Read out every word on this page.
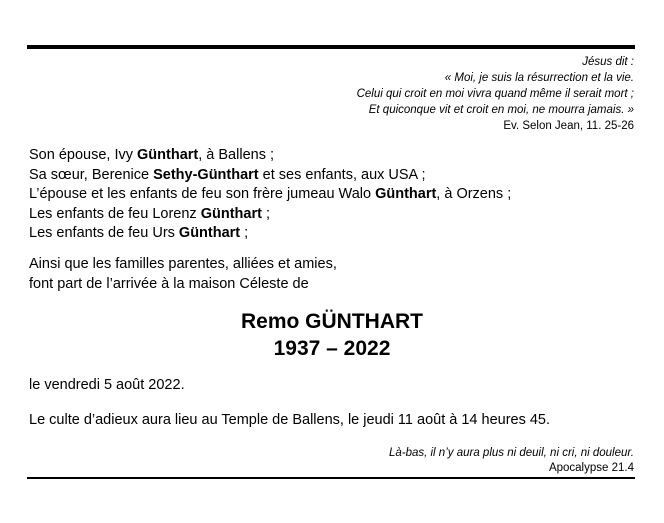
Jésus dit :
« Moi, je suis la résurrection et la vie.
Celui qui croit en moi vivra quand même il serait mort ;
Et quiconque vit et croit en moi, ne mourra jamais. »
Ev. Selon Jean, 11. 25-26
Son épouse, Ivy Günthart, à Ballens ;
Sa sœur, Berenice Sethy-Günthart et ses enfants, aux USA ;
L’épouse et les enfants de feu son frère jumeau Walo Günthart, à Orzens ;
Les enfants de feu Lorenz Günthart ;
Les enfants de feu Urs Günthart ;
Ainsi que les familles parentes, alliées et amies,
font part de l’arrivée à la maison Céleste de
Remo GÜNTHART
1937 – 2022
le vendredi 5 août 2022.
Le culte d’adieux aura lieu au Temple de Ballens, le jeudi 11 août à 14 heures 45.
Là-bas, il n’y aura plus ni deuil, ni cri, ni douleur.
Apocalypse 21.4
